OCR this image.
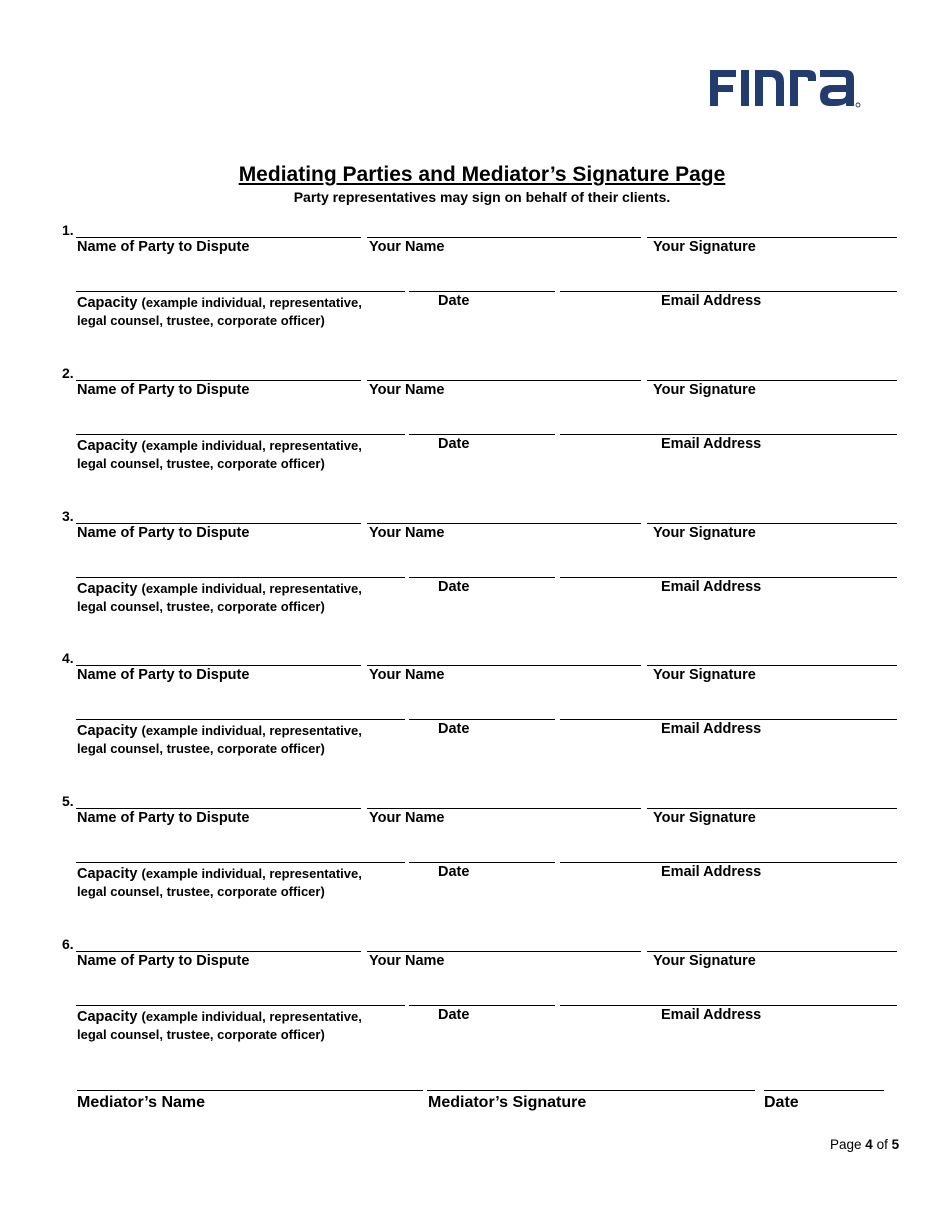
Mediating Parties and Mediator’s Signature Page
Party representatives may sign on behalf of their clients.
1.
Name of Party to Dispute	Your Name	Your Signature
Capacity (example individual, representative,
legal counsel, trustee, corporate officer)
Date	Email Address
2.
Name of Party to Dispute	Your Name	Your Signature
Capacity (example individual, representative,
legal counsel, trustee, corporate officer)
Date	Email Address
3.
Name of Party to Dispute	Your Name	Your Signature
Capacity (example individual, representative,
legal counsel, trustee, corporate officer)
Date	Email Address
4.
Name of Party to Dispute	Your Name	Your Signature
Capacity (example individual, representative,
legal counsel, trustee, corporate officer)
Date	Email Address
5.
Name of Party to Dispute	Your Name	Your Signature
Capacity (example individual, representative,
legal counsel, trustee, corporate officer)
Date	Email Address
6.
Name of Party to Dispute	Your Name	Your Signature
Capacity (example individual, representative,
legal counsel, trustee, corporate officer)
Date	Email Address
Mediator’s Name	Mediator’s Signature	Date
Page 4 of 5
